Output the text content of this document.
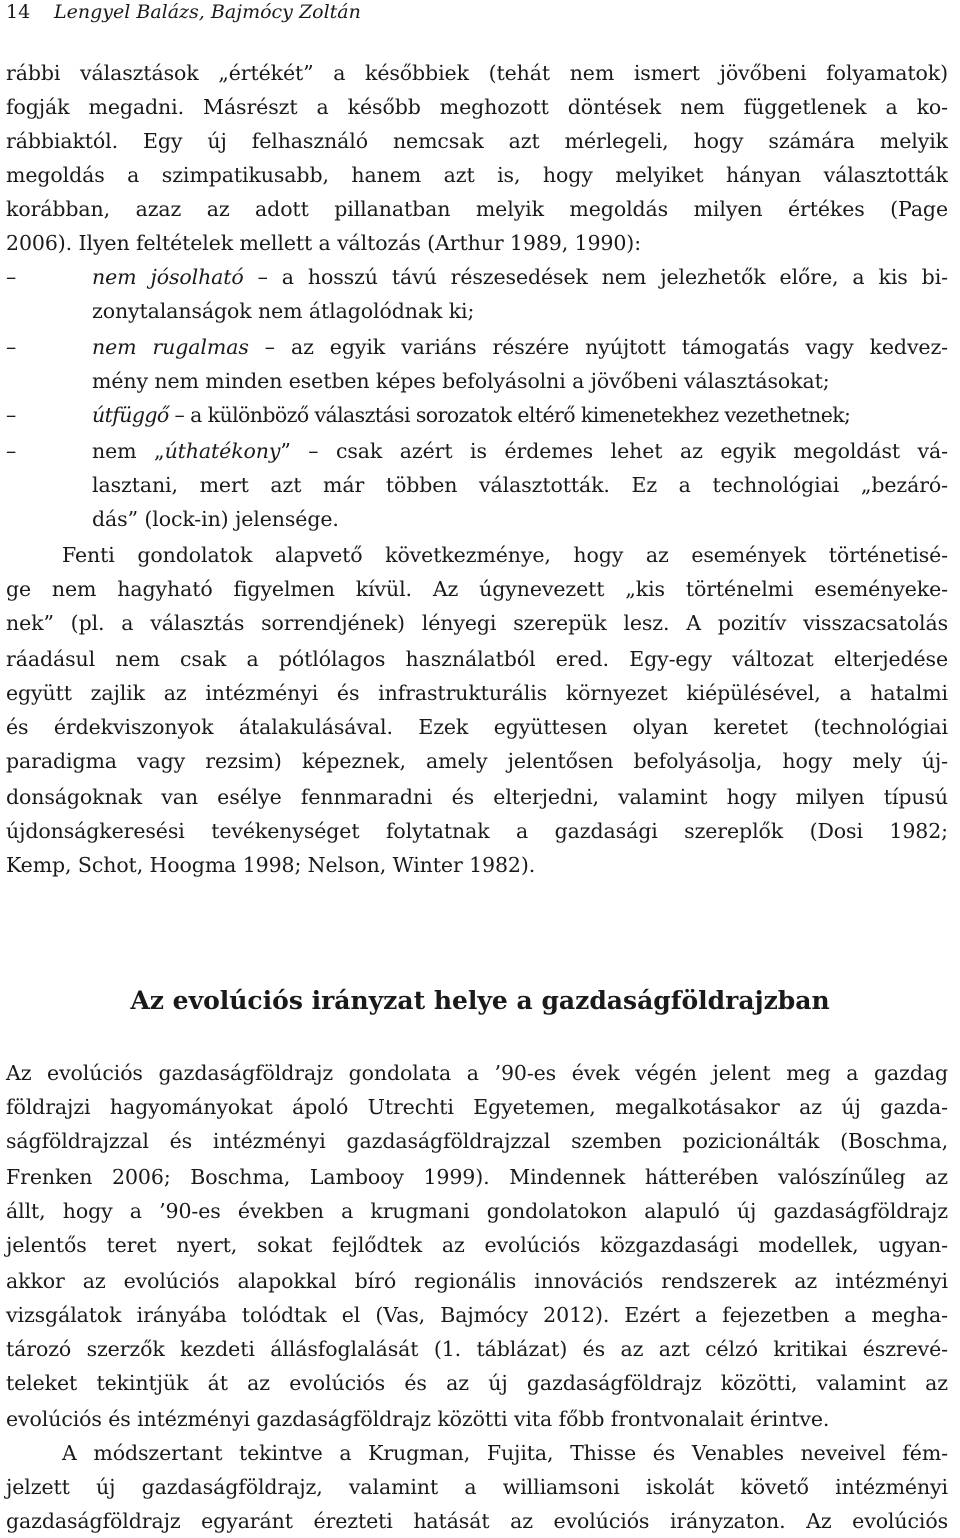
14 Lengyel Balázs, Bajmócy Zoltán
rábbi választások „értékét” a későbbiek (tehát nem ismert jövőbeni folyamatok)
fogják megadni. Másrészt a később meghozott döntések nem függetlenek a ko-
rábbiaktól. Egy új felhasználó nemcsak azt mérlegeli, hogy számára melyik
megoldás a szimpatikusabb, hanem azt is, hogy melyiket hányan választották
korábban, azaz az adott pillanatban melyik megoldás milyen értékes (Page
2006). Ilyen feltételek mellett a változás (Arthur 1989, 1990):
–	nem jósolható – a hosszú távú részesedések nem jelezhetők előre, a kis bi-
zonytalanságok nem átlagolódnak ki;
–	nem rugalmas – az egyik variáns részére nyújtott támogatás vagy kedvez-
mény nem minden esetben képes befolyásolni a jövőbeni választásokat;
–	útfüggő – a különböző választási sorozatok eltérő kimenetekhez vezethetnek;
–	nem „úthatékony” – csak azért is érdemes lehet az egyik megoldást vá-
lasztani, mert azt már többen választották. Ez a technológiai „bezáró-
dás” (lock-in) jelensége.
Fenti gondolatok alapvető következménye, hogy az események történetisé-
ge nem hagyható figyelmen kívül. Az úgynevezett „kis történelmi eseményeke-
nek” (pl. a választás sorrendjének) lényegi szerepük lesz. A pozitív visszacsatolás
ráadásul nem csak a pótlólagos használatból ered. Egy-egy változat elterjedése
együtt zajlik az intézményi és infrastrukturális környezet kiépülésével, a hatalmi
és érdekviszonyok átalakulásával. Ezek együttesen olyan keretet (technológiai
paradigma vagy rezsim) képeznek, amely jelentősen befolyásolja, hogy mely új-
donságoknak van esélye fennmaradni és elterjedni, valamint hogy milyen típusú
újdonságkeresési tevékenységet folytatnak a gazdasági szereplők (Dosi 1982;
Kemp, Schot, Hoogma 1998; Nelson, Winter 1982).
Az evolúciós irányzat helye a gazdaságföldrajzban
Az evolúciós gazdaságföldrajz gondolata a ’90-es évek végén jelent meg a gazdag
földrajzi hagyományokat ápoló Utrechti Egyetemen, megalkotásakor az új gazda-
ságföldrajzzal és intézményi gazdaságföldrajzzal szemben pozicionálták (Boschma,
Frenken 2006; Boschma, Lambooy 1999). Mindennek hátterében valószínűleg az
állt, hogy a ’90-es években a krugmani gondolatokon alapuló új gazdaságföldrajz
jelentős teret nyert, sokat fejlődtek az evolúciós közgazdasági modellek, ugyan-
akkor az evolúciós alapokkal bíró regionális innovációs rendszerek az intézményi
vizsgálatok irányába tolódtak el (Vas, Bajmócy 2012). Ezért a fejezetben a megha-
tározó szerzők kezdeti állásfoglalását (1. táblázat) és az azt célzó kritikai észrevé-
teleket tekintjük át az evolúciós és az új gazdaságföldrajz közötti, valamint az
evolúciós és intézményi gazdaságföldrajz közötti vita főbb frontvonalait érintve.
A módszertant tekintve a Krugman, Fujita, Thisse és Venables neveivel fém-
jelzett új gazdaságföldrajz, valamint a williamsoni iskolát követő intézményi
gazdaságföldrajz egyaránt érezteti hatását az evolúciós irányzaton. Az evolúciós
